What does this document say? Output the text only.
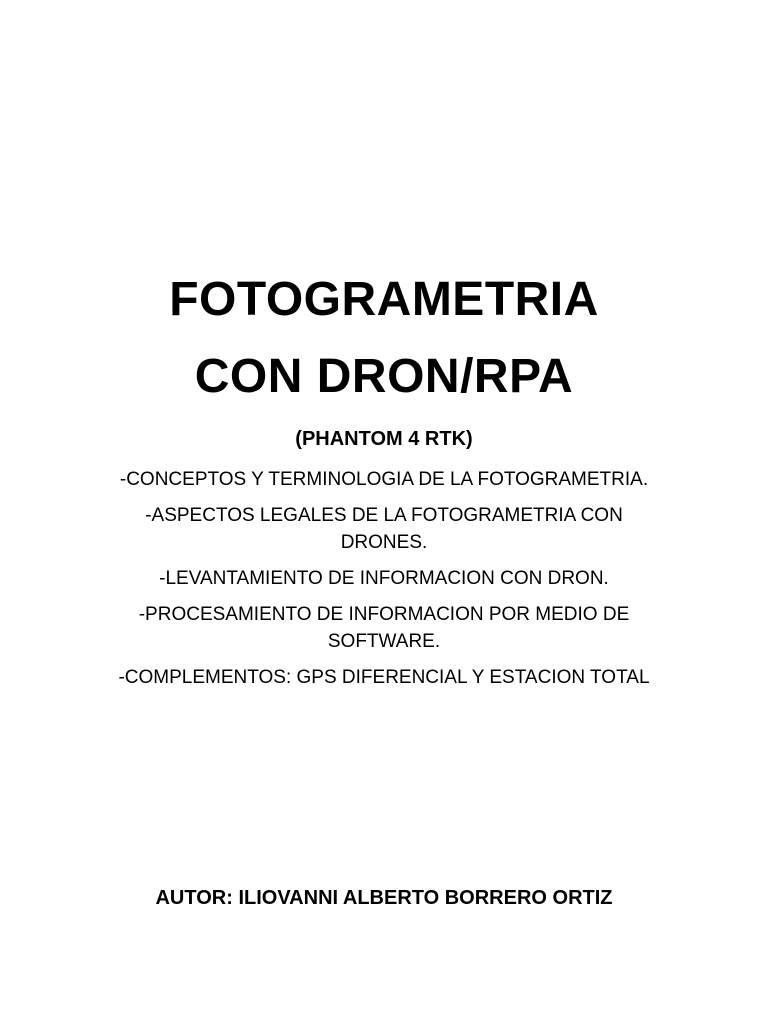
FOTOGRAMETRIA
CON DRON/RPA
(PHANTOM 4 RTK)
-CONCEPTOS Y TERMINOLOGIA DE LA FOTOGRAMETRIA.
-ASPECTOS LEGALES DE LA FOTOGRAMETRIA CON DRONES.
-LEVANTAMIENTO DE INFORMACION CON DRON.
-PROCESAMIENTO DE INFORMACION POR MEDIO DE SOFTWARE.
-COMPLEMENTOS: GPS DIFERENCIAL Y ESTACION TOTAL
AUTOR: ILIOVANNI ALBERTO BORRERO ORTIZ
